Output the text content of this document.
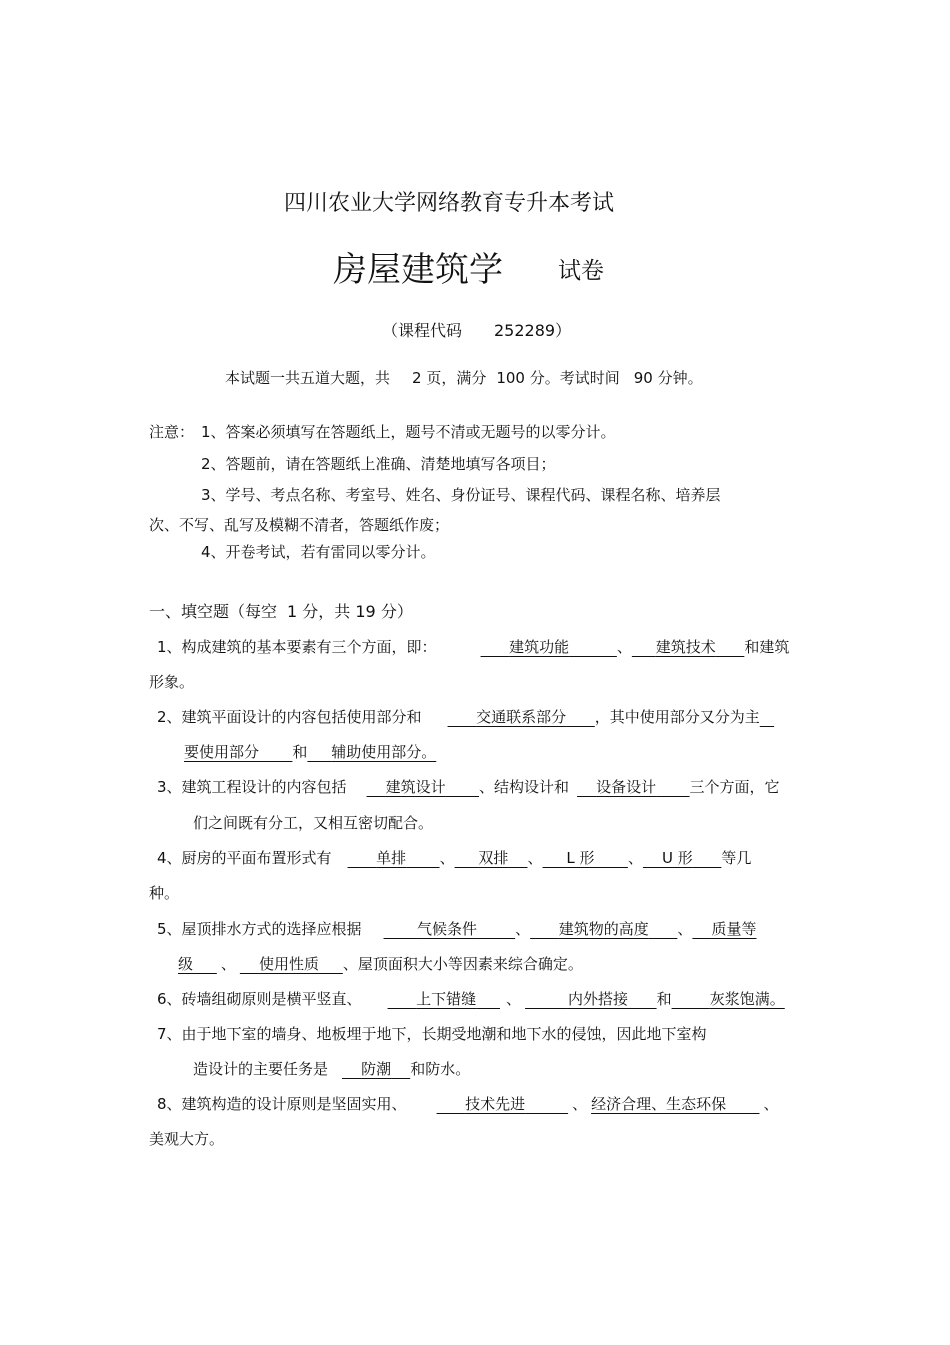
四川农业大学网络教育专升本考试
房屋建筑学 试卷
（课程代码 252289）
本试题一共五道大题，共 2 页，满分 100 分。考试时间 90 分钟。
注意： 1、答案必须填写在答题纸上，题号不清或无题号的以零分计。
2、答题前，请在答题纸上准确、清楚地填写各项目；
3、学号、考点名称、考室号、姓名、身份证号、课程代码、课程名称、培养层
次、不写、乱写及模糊不清者，答题纸作废；
4、开卷考试，若有雷同以零分计。
一、填空题（每空 1 分，共 19 分）
1、构成建筑的基本要素有三个方面，即：	建筑功能	、 建筑技术 和建筑
形象。
2、建筑平面设计的内容包括使用部分和	交通联系部分 ，其中使用部分又分为主
要使用部分 和 辅助使用部分。
3、建筑工程设计的内容包括	建筑设计 、结构设计和 设备设计 三个方面，它
们之间既有分工，又相互密切配合。
4、厨房的平面布置形式有	单排 、 双排 、 L 形 、 U 形 等几
种。
5、屋顶排水方式的选择应根据	气候条件	、 建筑物的高度 、 质量等
级 、 使用性质 、屋顶面积大小等因素来综合确定。
6、砖墙组砌原则是横平竖直、	上下错缝 、	内外搭接 和	灰浆饱满。
7、由于地下室的墙身、地板埋于地下，长期受地潮和地下水的侵蚀，因此地下室构
造设计的主要任务是 防潮 和防水。
8、建筑构造的设计原则是坚固实用、	技术先进	、 经济合理、生态环保 、
美观大方。
